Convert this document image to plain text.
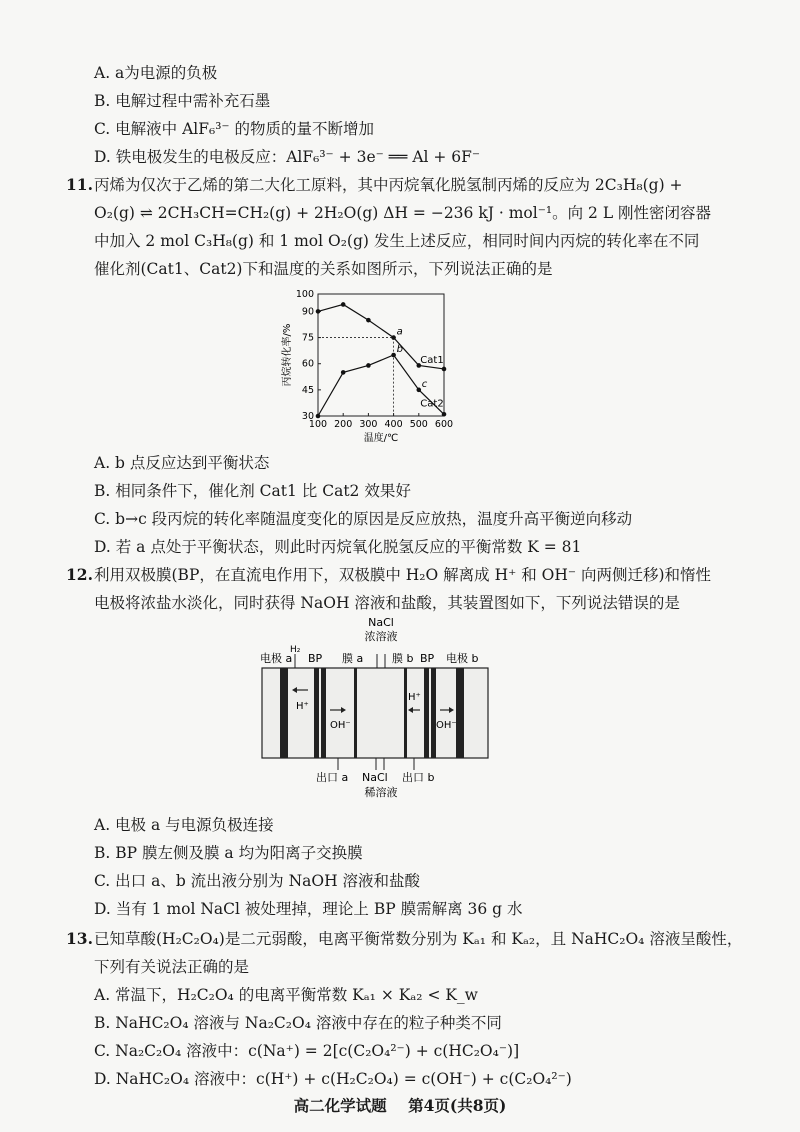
A. a为电源的负极
B. 电解过程中需补充石墨
C. 电解液中 AlF₆³⁻ 的物质的量不断增加
D. 铁电极发生的电极反应：AlF₆³⁻ + 3e⁻ ══ Al + 6F⁻
11. 丙烯为仅次于乙烯的第二大化工原料，其中丙烷氧化脱氢制丙烯的反应为 2C₃H₈(g) +
O₂(g) ⇌ 2CH₃CH=CH₂(g) + 2H₂O(g) ΔH = −236 kJ · mol⁻¹。向 2 L 刚性密闭容器
中加入 2 mol C₃H₈(g) 和 1 mol O₂(g) 发生上述反应，相同时间内丙烷的转化率在不同
催化剂(Cat1、Cat2)下和温度的关系如图所示，下列说法正确的是
100 200 300 400 500 600
30
45
60
75
90
100
温度/℃
丙烷转化率/%	Cat1
Cat2
a
b
c
A. b 点反应达到平衡状态
B. 相同条件下，催化剂 Cat1 比 Cat2 效果好
C. b→c 段丙烷的转化率随温度变化的原因是反应放热，温度升高平衡逆向移动
D. 若 a 点处于平衡状态，则此时丙烷氧化脱氢反应的平衡常数 K = 81
12. 利用双极膜(BP，在直流电作用下，双极膜中 H₂O 解离成 H⁺ 和 OH⁻ 向两侧迁移)和惰性
电极将浓盐水淡化，同时获得 NaOH 溶液和盐酸，其装置图如下，下列说法错误的是
NaCl
浓溶液
电极 a
H₂
BP 膜 a	膜 b BP 电极 b
H⁺
OH⁻
H⁺
OH⁻
出口 a NaCl 出口 b
稀溶液
A. 电极 a 与电源负极连接
B. BP 膜左侧及膜 a 均为阳离子交换膜
C. 出口 a、b 流出液分别为 NaOH 溶液和盐酸
D. 当有 1 mol NaCl 被处理掉，理论上 BP 膜需解离 36 g 水
13. 已知草酸(H₂C₂O₄)是二元弱酸，电离平衡常数分别为 Kₐ₁ 和 Kₐ₂，且 NaHC₂O₄ 溶液呈酸性，
下列有关说法正确的是
A. 常温下，H₂C₂O₄ 的电离平衡常数 Kₐ₁ × Kₐ₂ < K_w
B. NaHC₂O₄ 溶液与 Na₂C₂O₄ 溶液中存在的粒子种类不同
C. Na₂C₂O₄ 溶液中：c(Na⁺) = 2[c(C₂O₄²⁻) + c(HC₂O₄⁻)]
D. NaHC₂O₄ 溶液中：c(H⁺) + c(H₂C₂O₄) = c(OH⁻) + c(C₂O₄²⁻)
高二化学试题 第4页(共8页)
